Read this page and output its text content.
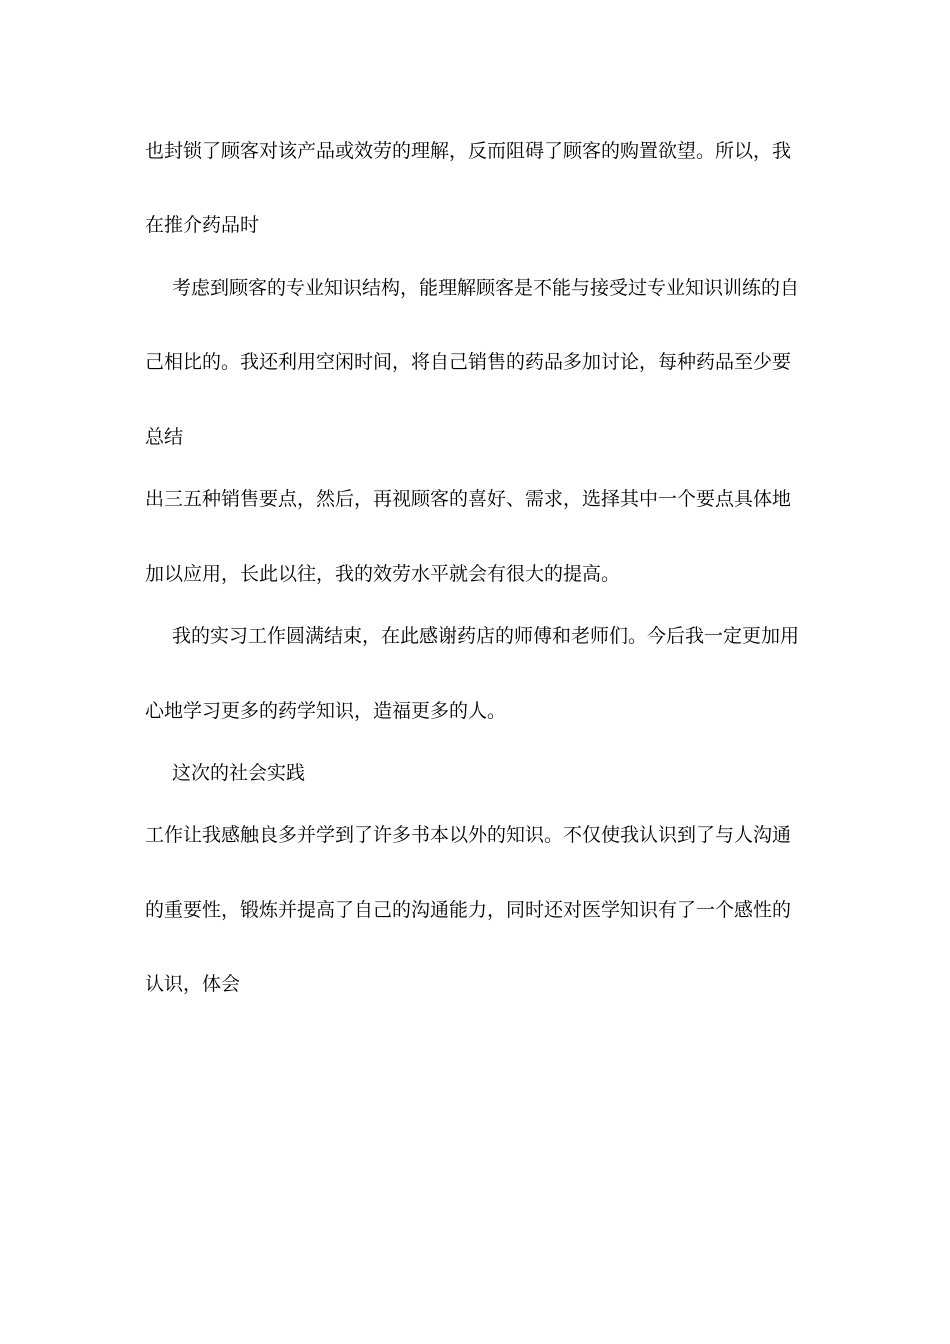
也封锁了顾客对该产品或效劳的理解，反而阻碍了顾客的购置欲望。所以，我
在推介药品时
考虑到顾客的专业知识结构，能理解顾客是不能与接受过专业知识训练的自
己相比的。我还利用空闲时间，将自己销售的药品多加讨论，每种药品至少要
总结
出三五种销售要点，然后，再视顾客的喜好、需求，选择其中一个要点具体地
加以应用，长此以往，我的效劳水平就会有很大的提高。
我的实习工作圆满结束，在此感谢药店的师傅和老师们。今后我一定更加用
心地学习更多的药学知识，造福更多的人。
这次的社会实践
工作让我感触良多并学到了许多书本以外的知识。不仅使我认识到了与人沟通
的重要性，锻炼并提高了自己的沟通能力，同时还对医学知识有了一个感性的
认识，体会
